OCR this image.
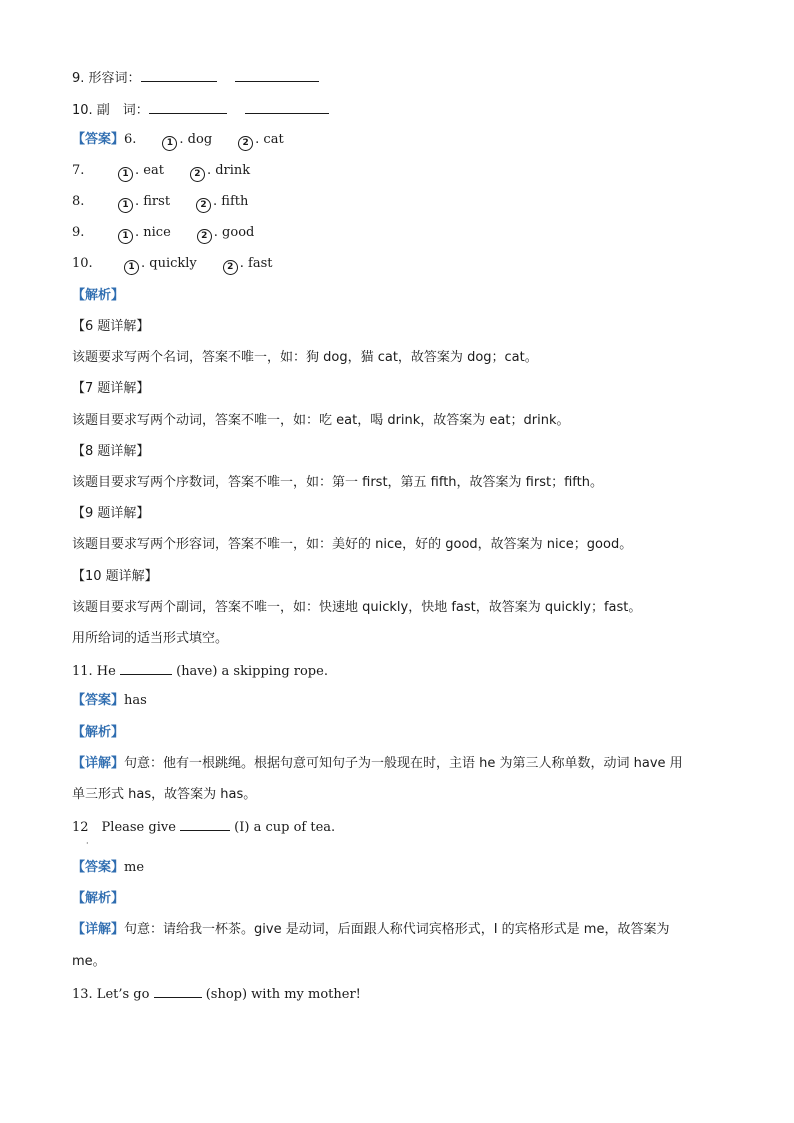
9. 形容词：
10. 副　词：
【答案】6.	1 . dog	2 . cat
7.	1 . eat	2 . drink
8.	1 . first	2 . fifth
9.	1 . nice	2 . good
10.	1 . quickly	2 . fast
【解析】
【6 题详解】
该题要求写两个名词，答案不唯一，如：狗 dog，猫 cat，故答案为 dog；cat。
【7 题详解】
该题目要求写两个动词，答案不唯一，如：吃 eat，喝 drink，故答案为 eat；drink。
【8 题详解】
该题目要求写两个序数词，答案不唯一，如：第一 first，第五 fifth，故答案为 first；fifth。
【9 题详解】
该题目要求写两个形容词，答案不唯一，如：美好的 nice，好的 good，故答案为 nice；good。
【10 题详解】
该题目要求写两个副词，答案不唯一，如：快速地 quickly，快地 fast，故答案为 quickly；fast。
用所给词的适当形式填空。
11. He	(have) a skipping rope.
【答案】has
【解析】
【详解】句意：他有一根跳绳。根据句意可知句子为一般现在时，主语 he 为第三人称单数，动词 have 用
单三形式 has，故答案为 has。
12　Please give	(I) a cup of tea.
·
【答案】me
【解析】
【详解】句意：请给我一杯茶。give 是动词，后面跟人称代词宾格形式，I 的宾格形式是 me，故答案为
me。
13. Let’s go	(shop) with my mother!
